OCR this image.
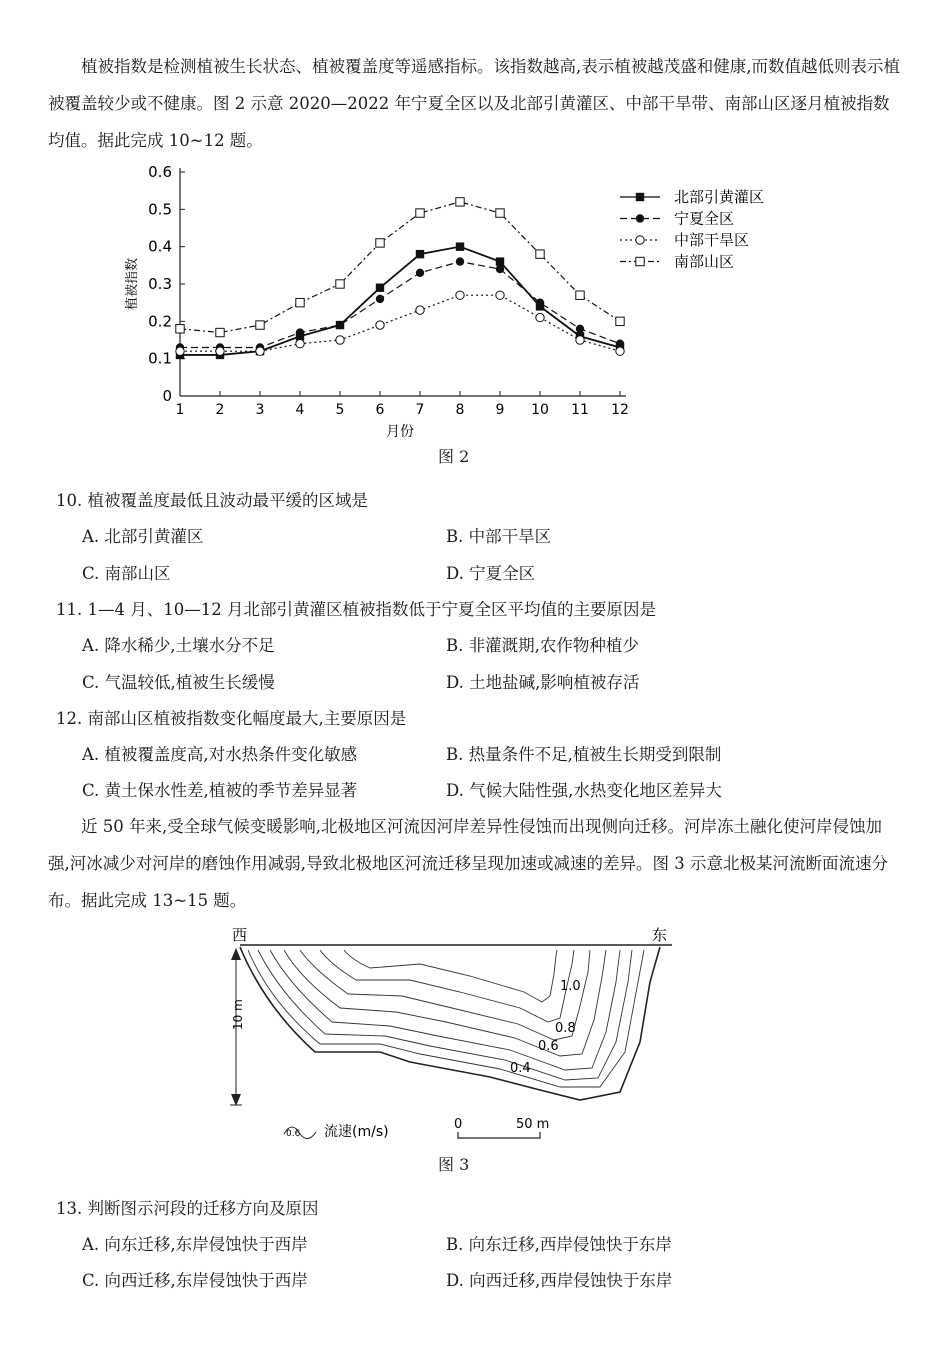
植被指数是检测植被生长状态、植被覆盖度等遥感指标。该指数越高,表示植被越茂盛和健康,而数值越低则表示植被覆盖较少或不健康。图 2 示意 2020—2022 年宁夏全区以及北部引黄灌区、中部干旱带、南部山区逐月植被指数均值。据此完成 10~12 题。

0
0.1
0.2
0.3
0.4
0.5
0.6
1 2 3 4 5 6 7 8 9 10 11 12
月份
植被指数
北部引黄灌区
宁夏全区
中部干旱区
南部山区
图 2
10. 植被覆盖度最低且波动最平缓的区域是
A. 北部引黄灌区	B. 中部干旱区
C. 南部山区	D. 宁夏全区
11. 1—4 月、10—12 月北部引黄灌区植被指数低于宁夏全区平均值的主要原因是
A. 降水稀少,土壤水分不足	B. 非灌溉期,农作物种植少
C. 气温较低,植被生长缓慢	D. 土地盐碱,影响植被存活
12. 南部山区植被指数变化幅度最大,主要原因是
A. 植被覆盖度高,对水热条件变化敏感	B. 热量条件不足,植被生长期受到限制
C. 黄土保水性差,植被的季节差异显著	D. 气候大陆性强,水热变化地区差异大

近 50 年来,受全球气候变暖影响,北极地区河流因河岸差异性侵蚀而出现侧向迁移。河岸冻土融化使河岸侵蚀加强,河冰减少对河岸的磨蚀作用减弱,导致北极地区河流迁移呈现加速或减速的差异。图 3 示意北极某河流断面流速分布。据此完成 13~15 题。

西	东
10 m
1.0
0.8
0.6
0.4
0.6 流速(m/s)	0	50 m
图 3
13. 判断图示河段的迁移方向及原因
A. 向东迁移,东岸侵蚀快于西岸	B. 向东迁移,西岸侵蚀快于东岸
C. 向西迁移,东岸侵蚀快于西岸	D. 向西迁移,西岸侵蚀快于东岸
